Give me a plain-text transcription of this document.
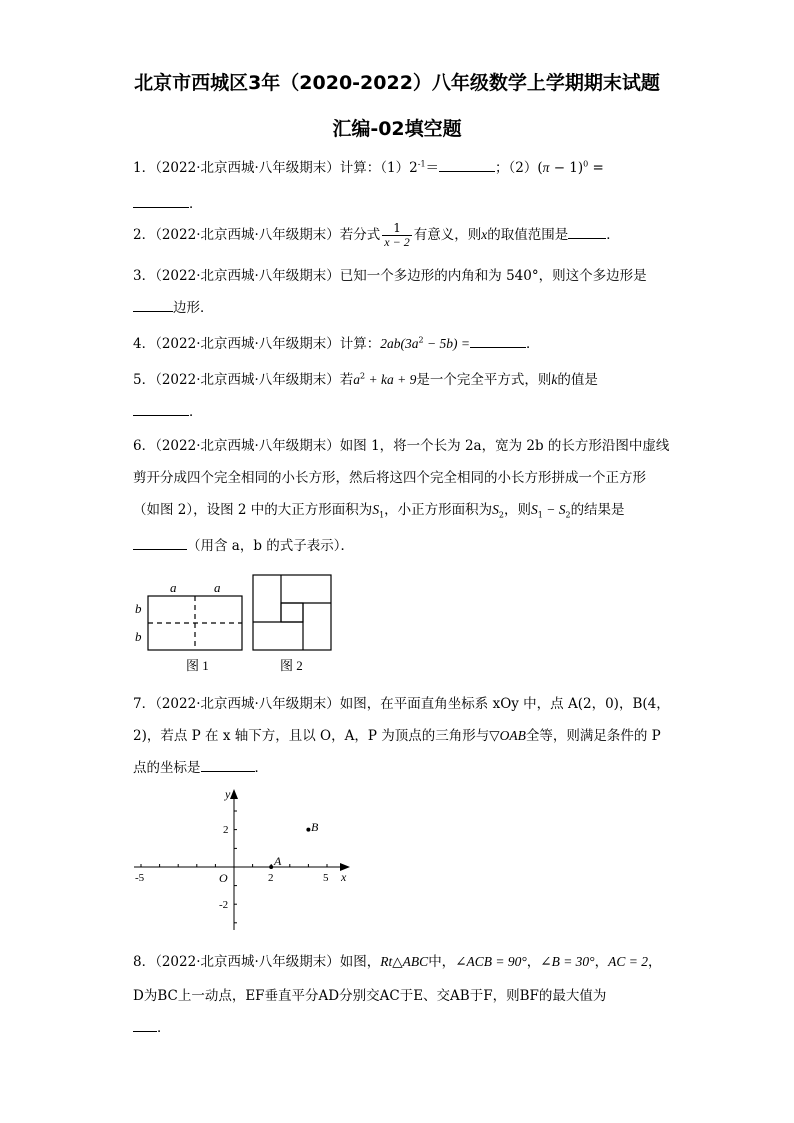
北京市西城区3年（2020-2022）八年级数学上学期期末试题
汇编-02填空题
1．（2022·北京西城·八年级期末）计算：$(1)2^{-1}=$	；$(2)(\pi - 1)^0$ =
．
2．（2022·北京西城·八年级期末）若分式 $\frac{1}{x - 2}$ 有意义，则x的取值范围是	．
3．（2022·北京西城·八年级期末）已知一个多边形的内角和为 540°，则这个多边形是
边形．
4．（2022·北京西城·八年级期末）计算：$2ab(3a^2 - 5b)$ =	．
5．（2022·北京西城·八年级期末）若$a^2$ + ka + 9是一个完全平方式，则k的值是
．
6．（2022·北京西城·八年级期末）如图 1，将一个长为 2a，宽为 2b 的长方形沿图中虚线
剪开分成四个完全相同的小长方形，然后将这四个完全相同的小长方形拼成一个正方形
（如图 2），设图 2 中的大正方形面积为$S_1$，小正方形面积为$S_2$，则$S_1 - S_2$的结果是
（用含 a，b 的式子表示）．
a	a
b
b
图 1	图 2
7．（2022·北京西城·八年级期末）如图，在平面直角坐标系 xOy 中，点 A(2，0)，B(4，
2)，若点 P 在 x 轴下方，且以 O，A，P 为顶点的三角形与▽OAB全等，则满足条件的 P
点的坐标是	．
y
x
O
-5	2	5
2
-2
A
B
8．（2022·北京西城·八年级期末）如图，Rt△ABC中，∠ACB = 90°，∠B = 30°，AC = 2，
D为BC上一动点，EF垂直平分AD分别交AC于E、交AB于F，则BF的最大值为
．
